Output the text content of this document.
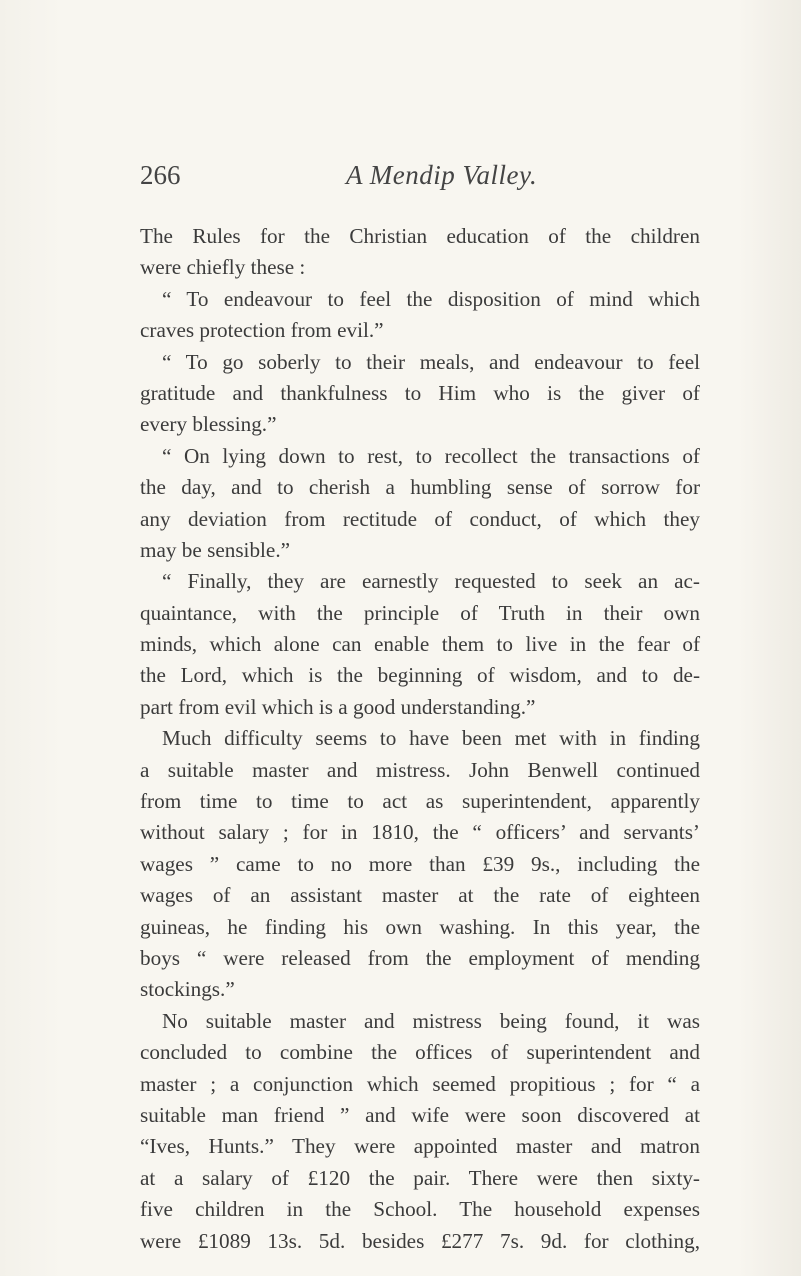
266	A Mendip Valley.
The Rules for the Christian education of the children
were chiefly these :
“ To endeavour to feel the disposition of mind which
craves protection from evil.”
“ To go soberly to their meals, and endeavour to feel
gratitude and thankfulness to Him who is the giver of
every blessing.”
“ On lying down to rest, to recollect the transactions of
the day, and to cherish a humbling sense of sorrow for
any deviation from rectitude of conduct, of which they
may be sensible.”
“ Finally, they are earnestly requested to seek an ac-
quaintance, with the principle of Truth in their own
minds, which alone can enable them to live in the fear of
the Lord, which is the beginning of wisdom, and to de-
part from evil which is a good understanding.”
Much difficulty seems to have been met with in finding
a suitable master and mistress. John Benwell continued
from time to time to act as superintendent, apparently
without salary ; for in 1810, the “ officers’ and servants’
wages ” came to no more than £39 9s., including the
wages of an assistant master at the rate of eighteen
guineas, he finding his own washing. In this year, the
boys “ were released from the employment of mending
stockings.”
No suitable master and mistress being found, it was
concluded to combine the offices of superintendent and
master ; a conjunction which seemed propitious ; for “ a
suitable man friend ” and wife were soon discovered at
“Ives, Hunts.” They were appointed master and matron
at a salary of £120 the pair. There were then sixty-
five children in the School. The household expenses
were £1089 13s. 5d. besides £277 7s. 9d. for clothing,
